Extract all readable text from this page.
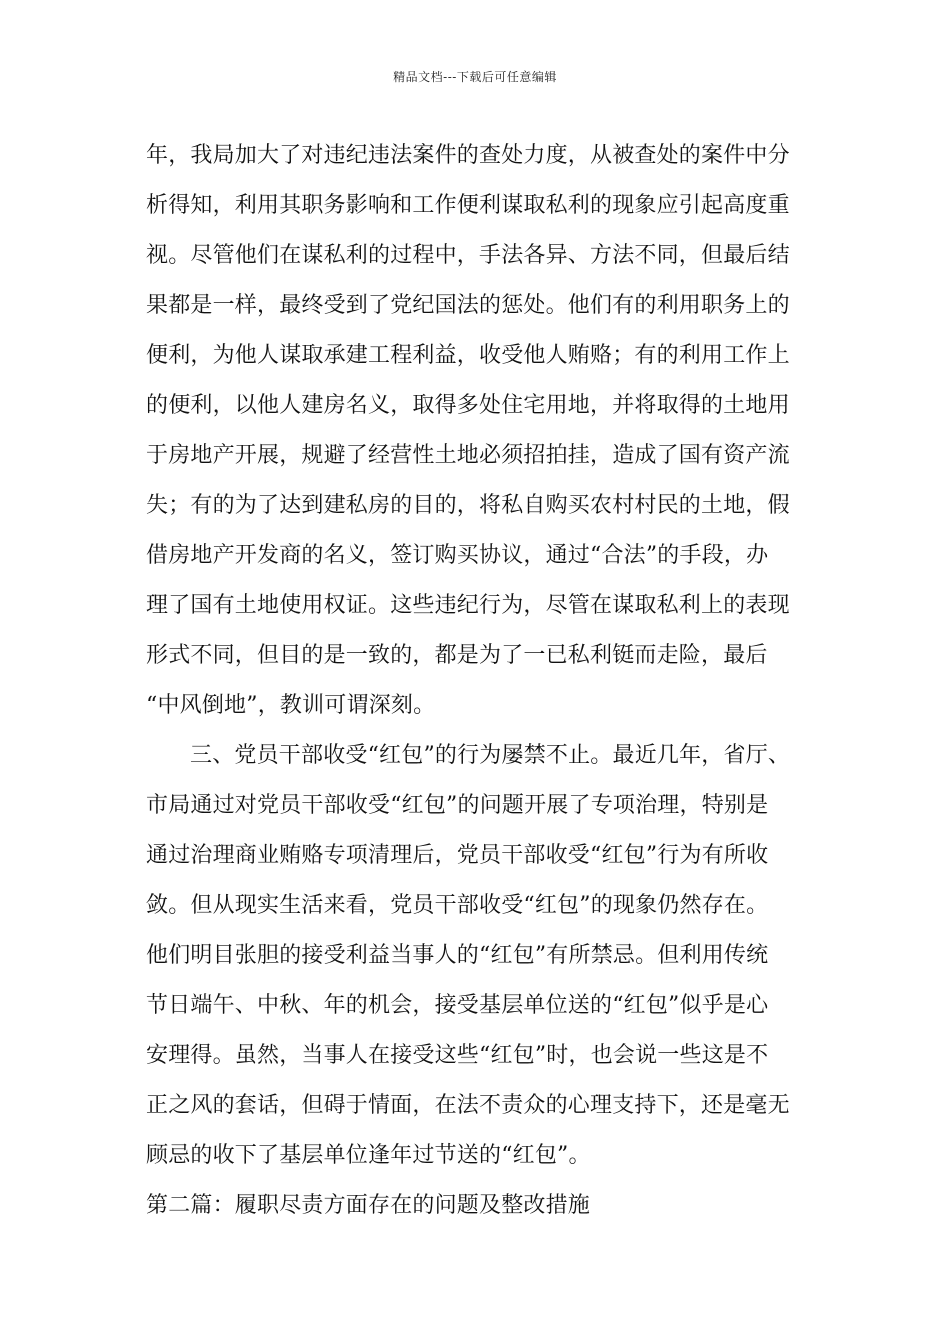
精品文档---下载后可任意编辑
年，我局加大了对违纪违法案件的查处力度，从被查处的案件中分
析得知，利用其职务影响和工作便利谋取私利的现象应引起高度重
视。尽管他们在谋私利的过程中，手法各异、方法不同，但最后结
果都是一样，最终受到了党纪国法的惩处。他们有的利用职务上的
便利，为他人谋取承建工程利益，收受他人贿赂；有的利用工作上
的便利，以他人建房名义，取得多处住宅用地，并将取得的土地用
于房地产开展，规避了经营性土地必须招拍挂，造成了国有资产流
失；有的为了达到建私房的目的，将私自购买农村村民的土地，假
借房地产开发商的名义，签订购买协议，通过“合法”的手段，办
理了国有土地使用权证。这些违纪行为，尽管在谋取私利上的表现
形式不同，但目的是一致的，都是为了一已私利铤而走险，最后
“中风倒地”，教训可谓深刻。
三、党员干部收受“红包”的行为屡禁不止。最近几年，省厅、
市局通过对党员干部收受“红包”的问题开展了专项治理，特别是
通过治理商业贿赂专项清理后，党员干部收受“红包”行为有所收
敛。但从现实生活来看，党员干部收受“红包”的现象仍然存在。
他们明目张胆的接受利益当事人的“红包”有所禁忌。但利用传统
节日端午、中秋、年的机会，接受基层单位送的“红包”似乎是心
安理得。虽然，当事人在接受这些“红包”时，也会说一些这是不
正之风的套话，但碍于情面，在法不责众的心理支持下，还是毫无
顾忌的收下了基层单位逢年过节送的“红包”。
第二篇：履职尽责方面存在的问题及整改措施
